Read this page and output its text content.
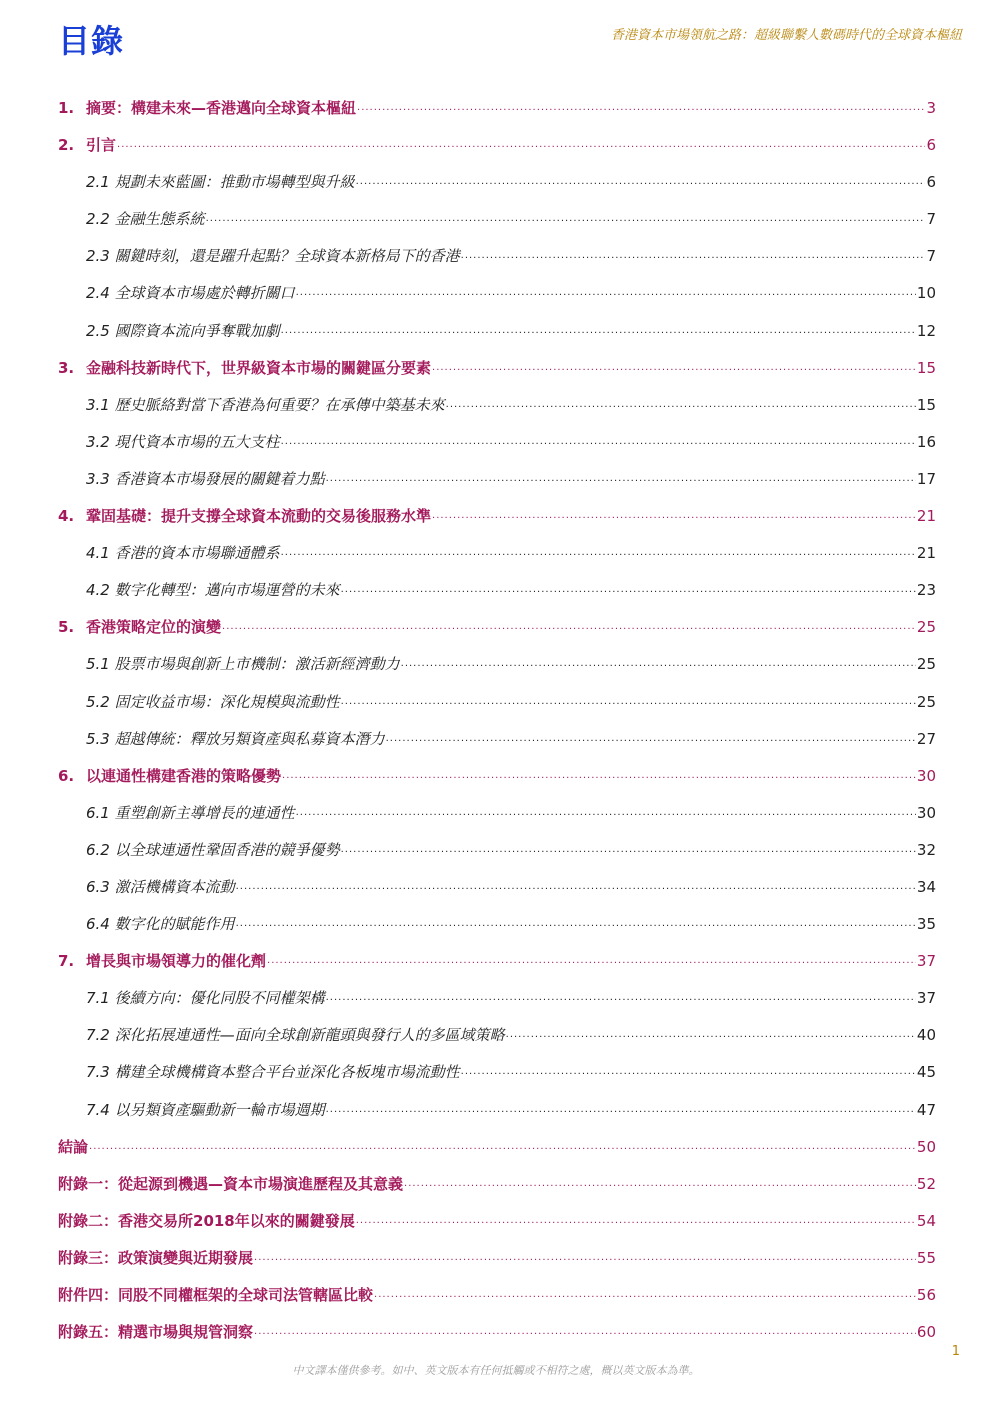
目錄	香港資本市場領航之路：超級聯繫人數碼時代的全球資本樞紐
1. 摘要：構建未來—香港邁向全球資本樞紐 .....	3
2. 引言 .....	6
2.1 規劃未來藍圖：推動市場轉型與升級 .....	6
2.2 金融生態系統 .....	7
2.3 關鍵時刻，還是躍升起點？全球資本新格局下的香港 .....	7
2.4 全球資本市場處於轉折關口 .....	10
2.5 國際資本流向爭奪戰加劇 .....	12
3. 金融科技新時代下，世界級資本市場的關鍵區分要素 .....	15
3.1 歷史脈絡對當下香港為何重要？在承傳中築基未來 .....	15
3.2 現代資本市場的五大支柱 .....	16
3.3 香港資本市場發展的關鍵着力點 .....	17
4. 鞏固基礎：提升支撐全球資本流動的交易後服務水準 .....	21
4.1 香港的資本市場聯通體系 .....	21
4.2 數字化轉型：邁向市場運營的未來 .....	23
5. 香港策略定位的演變 .....	25
5.1 股票市場與創新上市機制：激活新經濟動力 .....	25
5.2 固定收益市場：深化規模與流動性 .....	25
5.3 超越傳統：釋放另類資產與私募資本潛力 .....	27
6. 以連通性構建香港的策略優勢 .....	30
6.1 重塑創新主導增長的連通性 .....	30
6.2 以全球連通性鞏固香港的競爭優勢 .....	32
6.3 激活機構資本流動 .....	34
6.4 數字化的賦能作用 .....	35
7. 增長與市場領導力的催化劑 .....	37
7.1 後續方向：優化同股不同權架構 .....	37
7.2 深化拓展連通性—面向全球創新龍頭與發行人的多區域策略 .....	40
7.3 構建全球機構資本整合平台並深化各板塊市場流動性 .....	45
7.4 以另類資產驅動新一輪市場週期 .....	47
結論 .....	50
附錄一：從起源到機遇—資本市場演進歷程及其意義 .....	52
附錄二：香港交易所2018年以來的關鍵發展 .....	54
附錄三：政策演變與近期發展 .....	55
附件四：同股不同權框架的全球司法管轄區比較 .....	56
附錄五：精選市場與規管洞察 .....	60
1
中文譯本僅供參考。如中、英文版本有任何抵觸或不相符之處，概以英文版本為準。
